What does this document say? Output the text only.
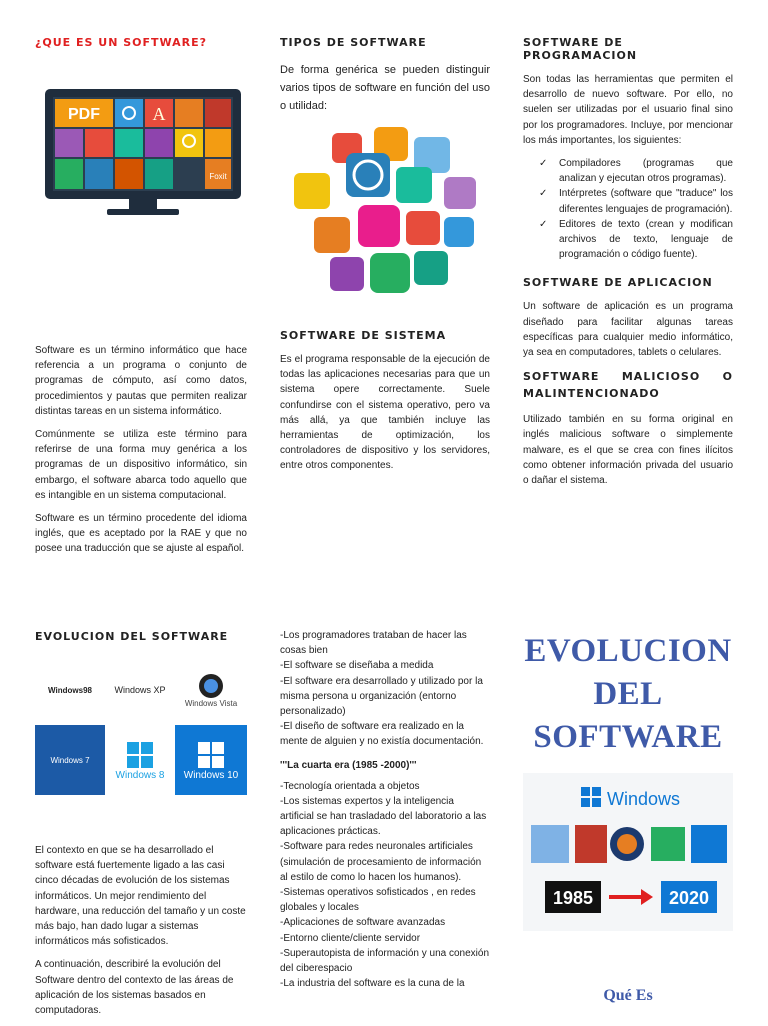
¿QUE ES UN SOFTWARE?
PDF	A
Foxit

Software es un término informático que hace referencia a un programa o conjunto de programas de cómputo, así como datos, procedimientos y pautas que permiten realizar distintas tareas en un sistema informático.

Comúnmente se utiliza este término para referirse de una forma muy genérica a los programas de un dispositivo informático, sin embargo, el software abarca todo aquello que es intangible en un sistema computacional.

Software es un término procedente del idioma inglés, que es aceptado por la RAE y que no posee una traducción que se ajuste al español.

TIPOS DE SOFTWARE

De forma genérica se pueden distinguir varios tipos de software en función del uso o utilidad:

SOFTWARE DE SISTEMA

Es el programa responsable de la ejecución de todas las aplicaciones necesarias para que un sistema opere correctamente. Suele confundirse con el sistema operativo, pero va más allá, ya que también incluye las herramientas de optimización, los controladores de dispositivo y los servidores, entre otros componentes.

SOFTWARE DE PROGRAMACION

Son todas las herramientas que permiten el desarrollo de nuevo software. Por ello, no suelen ser utilizadas por el usuario final sino por los programadores. Incluye, por mencionar los más importantes, los siguientes:

✓ Compiladores (programas que analizan y ejecutan otros programas).
✓ Intérpretes (software que "traduce" los diferentes lenguajes de programación).
✓ Editores de texto (crean y modifican archivos de texto, lenguaje de programación o código fuente).
SOFTWARE DE APLICACION

Un software de aplicación es un programa diseñado para facilitar algunas tareas específicas para cualquier medio informático, ya sea en computadores, tablets o celulares.

SOFTWARE MALICIOSO O MALINTENCIONADO

Utilizado también en su forma original en inglés malicious software o simplemente malware, es el que se crea con fines ilícitos como obtener información privada del usuario o dañar el sistema.

EVOLUCION DEL SOFTWARE
Windows98	Windows XP
Windows Vista
Windows 7
Windows 8 Windows 10

El contexto en que se ha desarrollado el software está fuertemente ligado a las casi cinco décadas de evolución de los sistemas informáticos. Un mejor rendimiento del hardware, una reducción del tamaño y un coste más bajo, han dado lugar a sistemas informáticos más sofisticados.

A continuación, describiré la evolución del Software dentro del contexto de las áreas de aplicación de los sistemas basados en computadoras.

-Los programadores trataban de hacer las cosas bien
-El software se diseñaba a medida
-El software era desarrollado y utilizado por la misma persona u organización (entorno personalizado)
-El diseño de software era realizado en la mente de alguien y no existía documentación.
'''La cuarta era (1985 -2000)'''
-Tecnología orientada a objetos
-Los sistemas expertos y la inteligencia artificial se han trasladado del laboratorio a las aplicaciones prácticas.
-Software para redes neuronales artificiales (simulación de procesamiento de información al estilo de como lo hacen los humanos).
-Sistemas operativos sofisticados , en redes globales y locales
-Aplicaciones de software avanzadas
-Entorno cliente/cliente servidor
-Superautopista de información y una conexión del ciberespacio
-La industria del software es la cuna de la
EVOLUCION
DEL
SOFTWARE
Windows
1985	2020
Qué Es
